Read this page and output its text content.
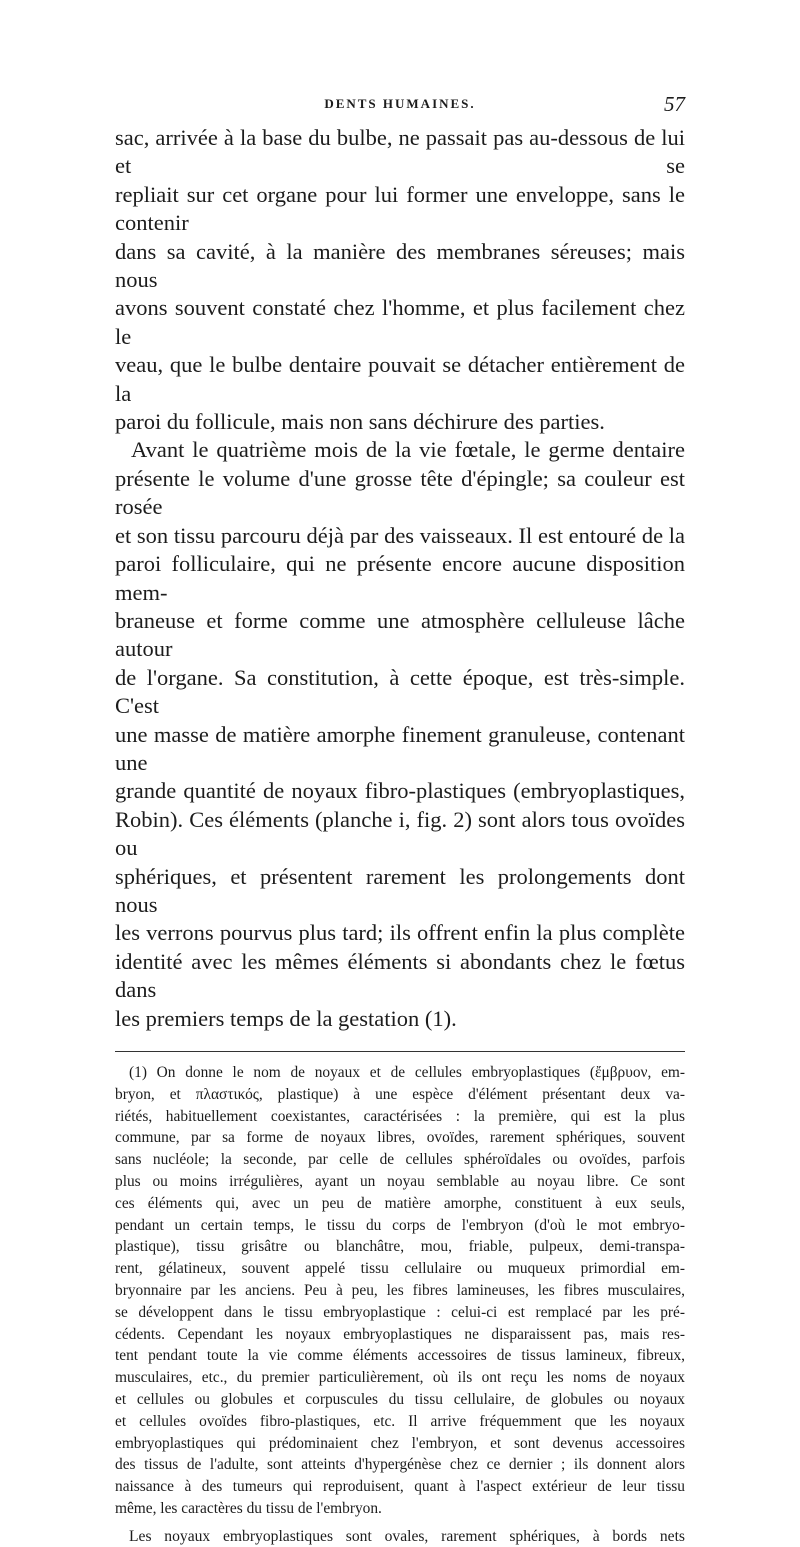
DENTS HUMAINES.	57

sac, arrivée à la base du bulbe, ne passait pas au-dessous de lui et se

repliait sur cet organe pour lui former une enveloppe, sans le contenir

dans sa cavité, à la manière des membranes séreuses; mais nous

avons souvent constaté chez l'homme, et plus facilement chez le

veau, que le bulbe dentaire pouvait se détacher entièrement de la

paroi du follicule, mais non sans déchirure des parties.

Avant le quatrième mois de la vie fœtale, le germe dentaire

présente le volume d'une grosse tête d'épingle; sa couleur est rosée

et son tissu parcouru déjà par des vaisseaux. Il est entouré de la

paroi folliculaire, qui ne présente encore aucune disposition mem-

braneuse et forme comme une atmosphère celluleuse lâche autour

de l'organe. Sa constitution, à cette époque, est très-simple. C'est

une masse de matière amorphe finement granuleuse, contenant une

grande quantité de noyaux fibro-plastiques (embryoplastiques,

Robin). Ces éléments (planche i, fig. 2) sont alors tous ovoïdes ou

sphériques, et présentent rarement les prolongements dont nous

les verrons pourvus plus tard; ils offrent enfin la plus complète

identité avec les mêmes éléments si abondants chez le fœtus dans

les premiers temps de la gestation (1).

(1) On donne le nom de noyaux et de cellules embryoplastiques (ἔμβρυον, em-

bryon, et πλαστικός, plastique) à une espèce d'élément présentant deux va-

riétés, habituellement coexistantes, caractérisées : la première, qui est la plus

commune, par sa forme de noyaux libres, ovoïdes, rarement sphériques, souvent

sans nucléole; la seconde, par celle de cellules sphéroïdales ou ovoïdes, parfois

plus ou moins irrégulières, ayant un noyau semblable au noyau libre. Ce sont

ces éléments qui, avec un peu de matière amorphe, constituent à eux seuls,

pendant un certain temps, le tissu du corps de l'embryon (d'où le mot embryo-

plastique), tissu grisâtre ou blanchâtre, mou, friable, pulpeux, demi-transpa-

rent, gélatineux, souvent appelé tissu cellulaire ou muqueux primordial em-

bryonnaire par les anciens. Peu à peu, les fibres lamineuses, les fibres musculaires,

se développent dans le tissu embryoplastique : celui-ci est remplacé par les pré-

cédents. Cependant les noyaux embryoplastiques ne disparaissent pas, mais res-

tent pendant toute la vie comme éléments accessoires de tissus lamineux, fibreux,

musculaires, etc., du premier particulièrement, où ils ont reçu les noms de noyaux

et cellules ou globules et corpuscules du tissu cellulaire, de globules ou noyaux

et cellules ovoïdes fibro-plastiques, etc. Il arrive fréquemment que les noyaux

embryoplastiques qui prédominaient chez l'embryon, et sont devenus accessoires

des tissus de l'adulte, sont atteints d'hypergénèse chez ce dernier ; ils donnent alors

naissance à des tumeurs qui reproduisent, quant à l'aspect extérieur de leur tissu

même, les caractères du tissu de l'embryon.

Les noyaux embryoplastiques sont ovales, rarement sphériques, à bords nets
